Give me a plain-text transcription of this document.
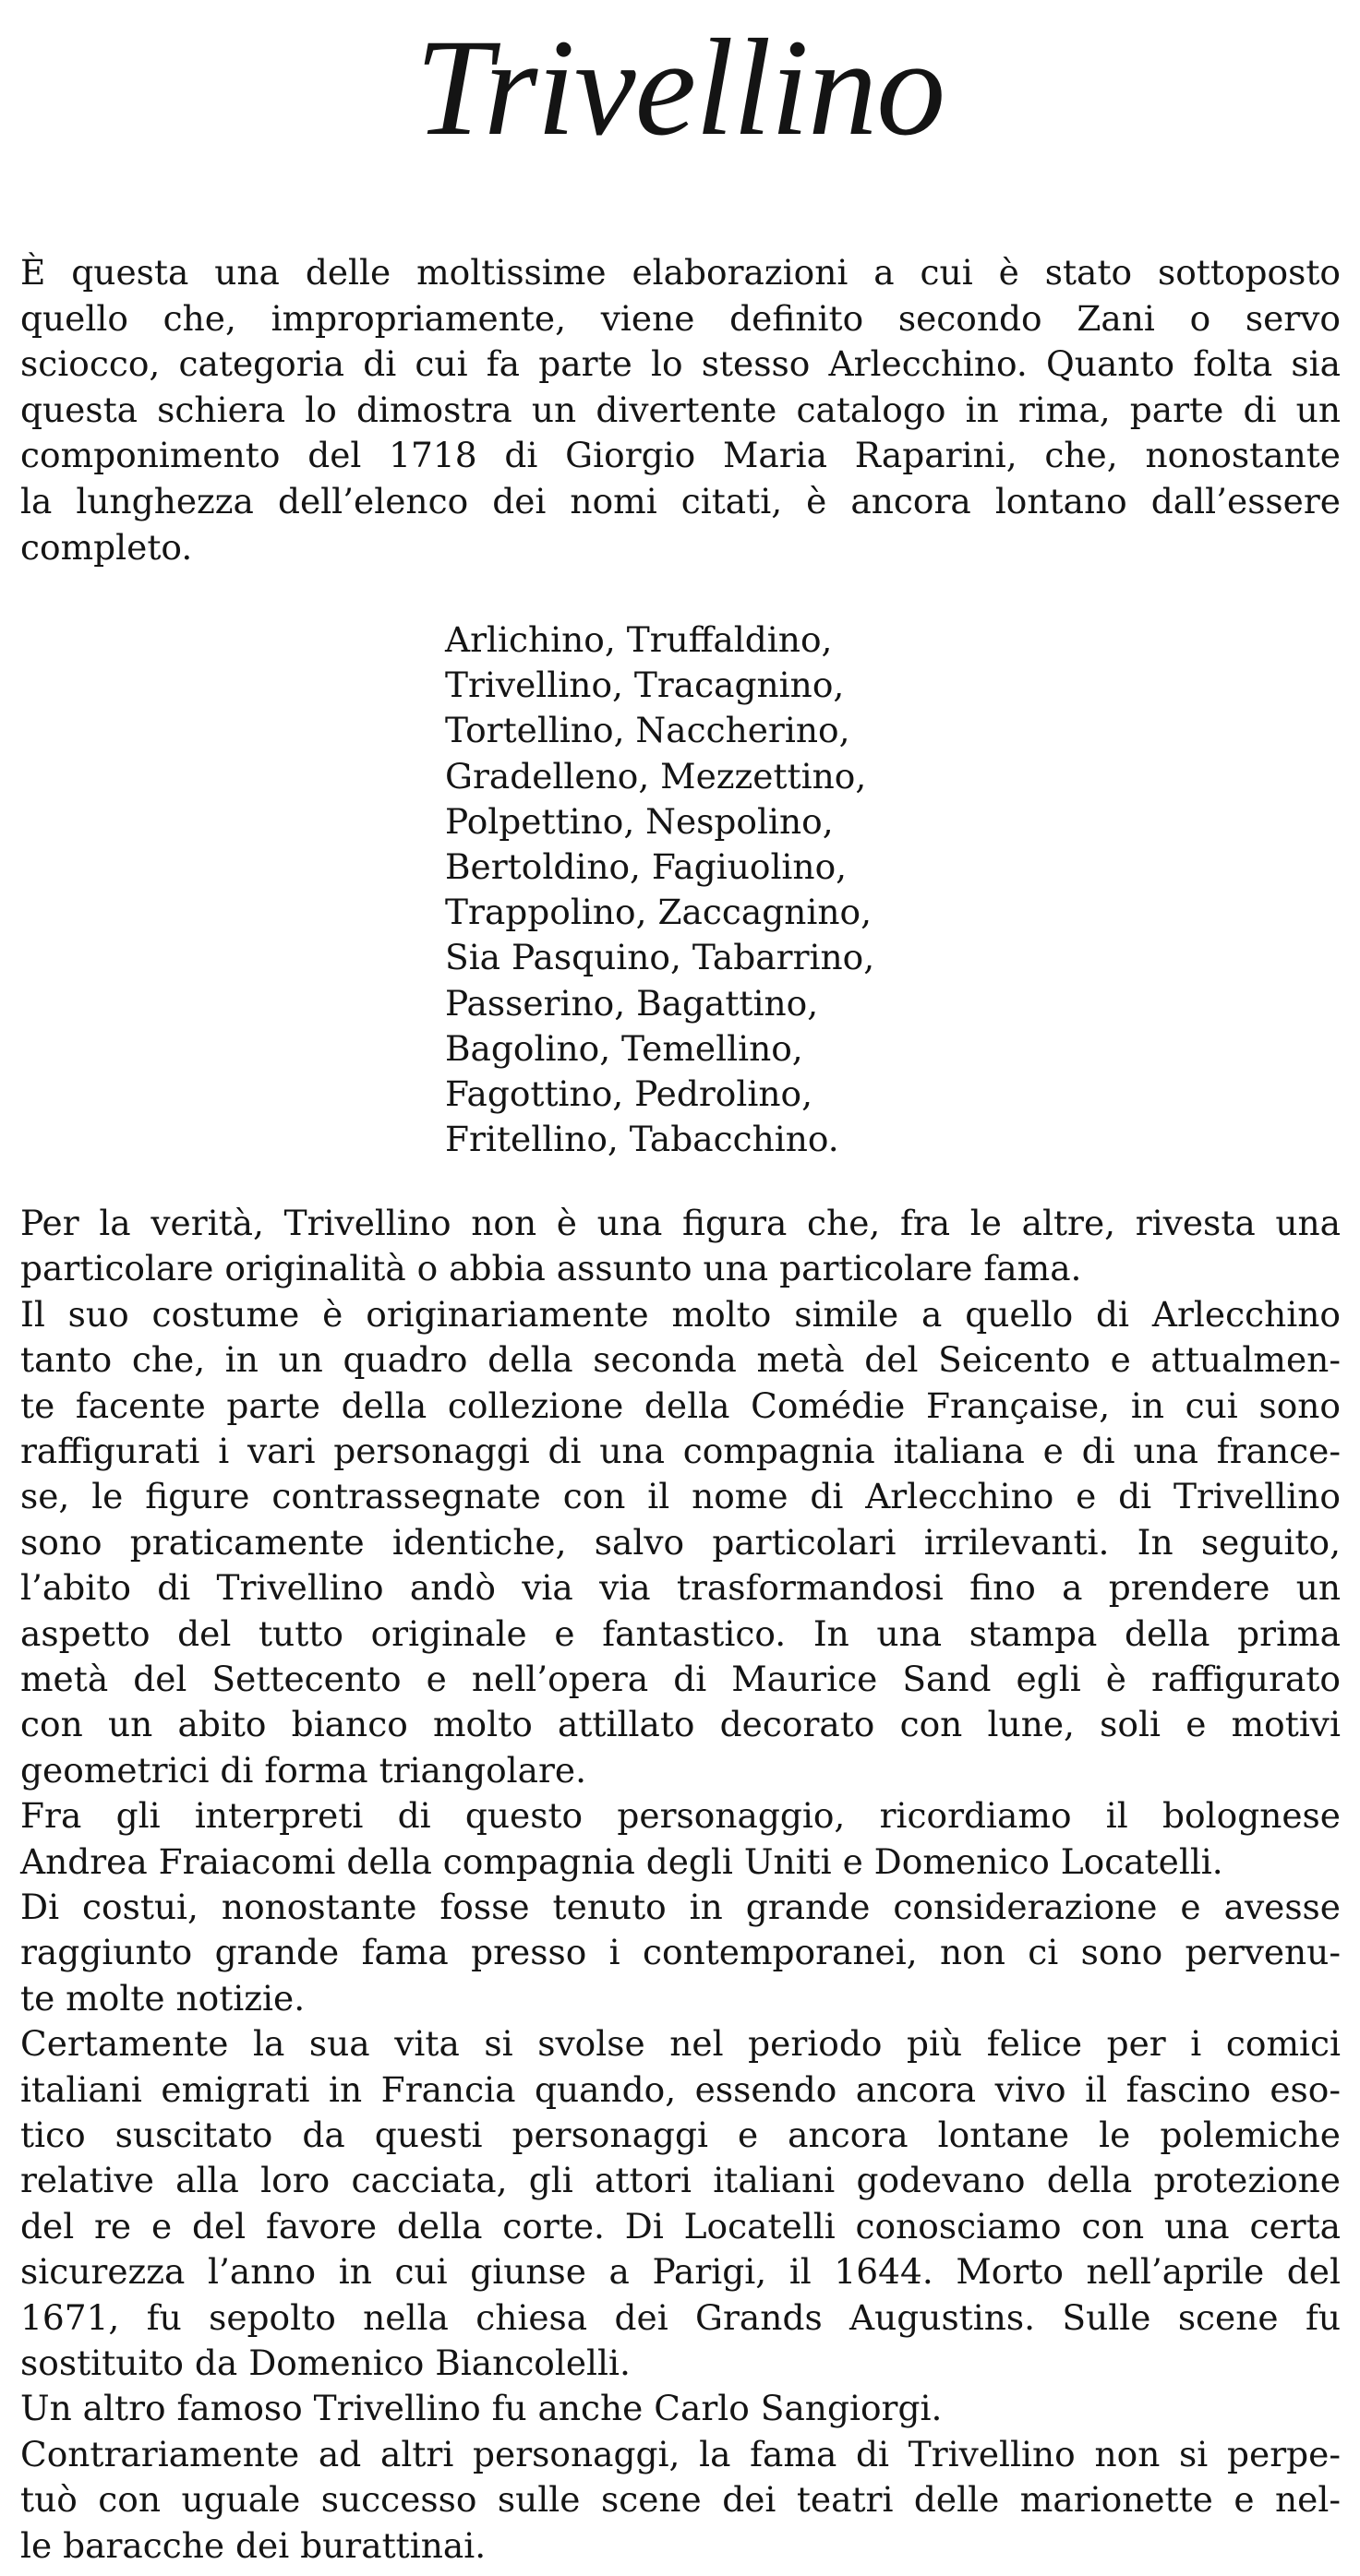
Trivellino
È questa una delle moltissime elaborazioni a cui è stato sottoposto
quello che, impropriamente, viene definito secondo Zani o servo
sciocco, categoria di cui fa parte lo stesso Arlecchino. Quanto folta sia
questa schiera lo dimostra un divertente catalogo in rima, parte di un
componimento del 1718 di Giorgio Maria Raparini, che, nonostante
la lunghezza dell’elenco dei nomi citati, è ancora lontano dall’essere
completo.
Arlichino, Truffaldino,
Trivellino, Tracagnino,
Tortellino, Naccherino,
Gradelleno, Mezzettino,
Polpettino, Nespolino,
Bertoldino, Fagiuolino,
Trappolino, Zaccagnino,
Sia Pasquino, Tabarrino,
Passerino, Bagattino,
Bagolino, Temellino,
Fagottino, Pedrolino,
Fritellino, Tabacchino.
Per la verità, Trivellino non è una figura che, fra le altre, rivesta una
particolare originalità o abbia assunto una particolare fama.
Il suo costume è originariamente molto simile a quello di Arlecchino
tanto che, in un quadro della seconda metà del Seicento e attualmen-
te facente parte della collezione della Comédie Française, in cui sono
raffigurati i vari personaggi di una compagnia italiana e di una france-
se, le figure contrassegnate con il nome di Arlecchino e di Trivellino
sono praticamente identiche, salvo particolari irrilevanti. In seguito,
l’abito di Trivellino andò via via trasformandosi fino a prendere un
aspetto del tutto originale e fantastico. In una stampa della prima
metà del Settecento e nell’opera di Maurice Sand egli è raffigurato
con un abito bianco molto attillato decorato con lune, soli e motivi
geometrici di forma triangolare.
Fra gli interpreti di questo personaggio, ricordiamo il bolognese
Andrea Fraiacomi della compagnia degli Uniti e Domenico Locatelli.
Di costui, nonostante fosse tenuto in grande considerazione e avesse
raggiunto grande fama presso i contemporanei, non ci sono pervenu-
te molte notizie.
Certamente la sua vita si svolse nel periodo più felice per i comici
italiani emigrati in Francia quando, essendo ancora vivo il fascino eso-
tico suscitato da questi personaggi e ancora lontane le polemiche
relative alla loro cacciata, gli attori italiani godevano della protezione
del re e del favore della corte. Di Locatelli conosciamo con una certa
sicurezza l’anno in cui giunse a Parigi, il 1644. Morto nell’aprile del
1671, fu sepolto nella chiesa dei Grands Augustins. Sulle scene fu
sostituito da Domenico Biancolelli.
Un altro famoso Trivellino fu anche Carlo Sangiorgi.
Contrariamente ad altri personaggi, la fama di Trivellino non si perpe-
tuò con uguale successo sulle scene dei teatri delle marionette e nel-
le baracche dei burattinai.
